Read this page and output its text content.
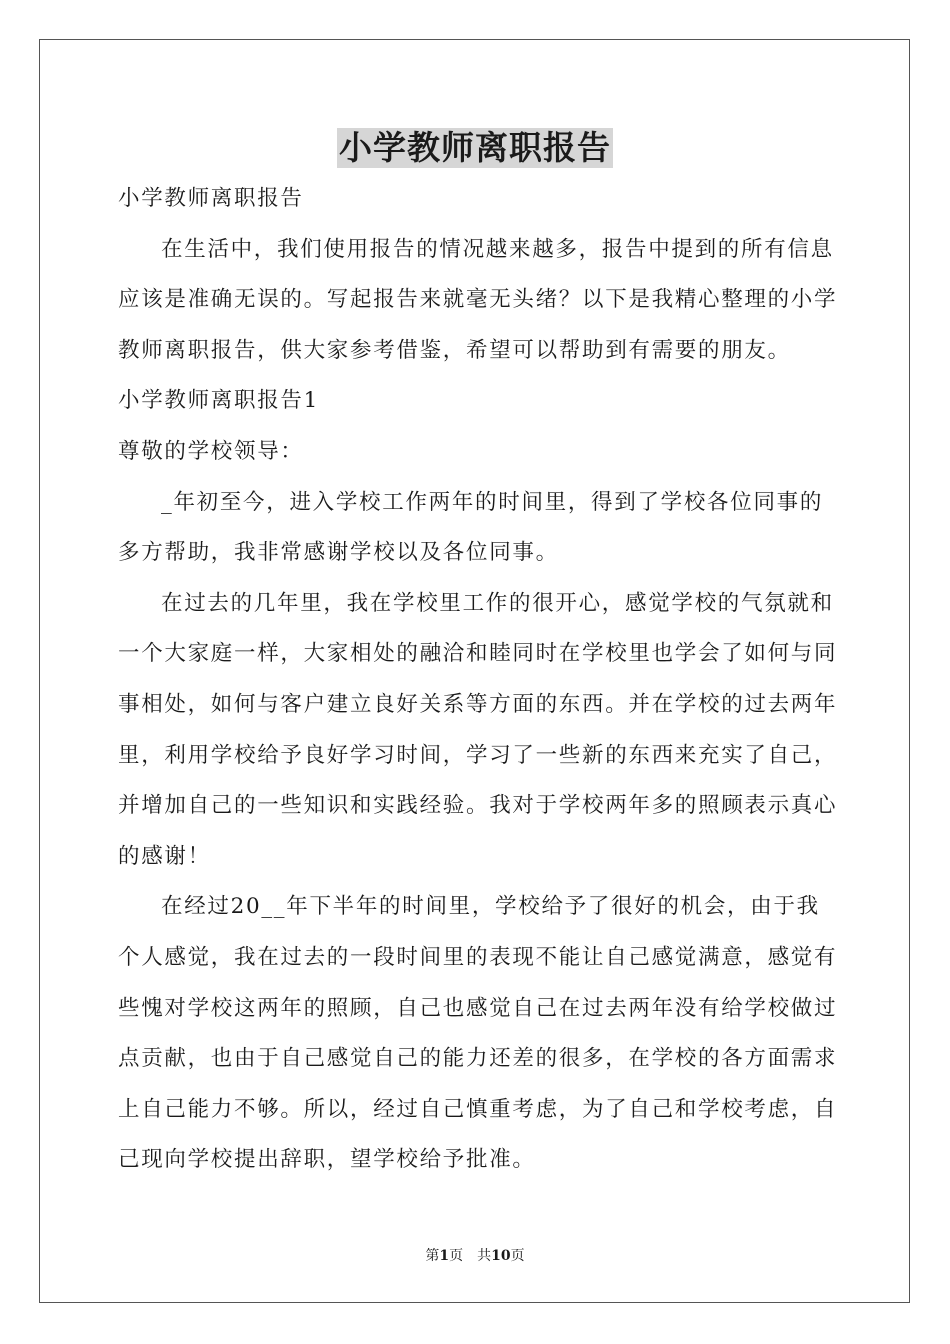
小学教师离职报告

小学教师离职报告

在生活中，我们使用报告的情况越来越多，报告中提到的所有信息应该是准确无误的。写起报告来就毫无头绪？以下是我精心整理的小学教师离职报告，供大家参考借鉴，希望可以帮助到有需要的朋友。

小学教师离职报告1

尊敬的学校领导：

_年初至今，进入学校工作两年的时间里，得到了学校各位同事的多方帮助，我非常感谢学校以及各位同事。

在过去的几年里，我在学校里工作的很开心，感觉学校的气氛就和一个大家庭一样，大家相处的融洽和睦同时在学校里也学会了如何与同事相处，如何与客户建立良好关系等方面的东西。并在学校的过去两年里，利用学校给予良好学习时间，学习了一些新的东西来充实了自己，并增加自己的一些知识和实践经验。我对于学校两年多的照顾表示真心的感谢！

在经过20__年下半年的时间里，学校给予了很好的机会，由于我个人感觉，我在过去的一段时间里的表现不能让自己感觉满意，感觉有些愧对学校这两年的照顾，自己也感觉自己在过去两年没有给学校做过点贡献，也由于自己感觉自己的能力还差的很多，在学校的各方面需求上自己能力不够。所以，经过自己慎重考虑，为了自己和学校考虑，自己现向学校提出辞职，望学校给予批准。

第1页　共10页
